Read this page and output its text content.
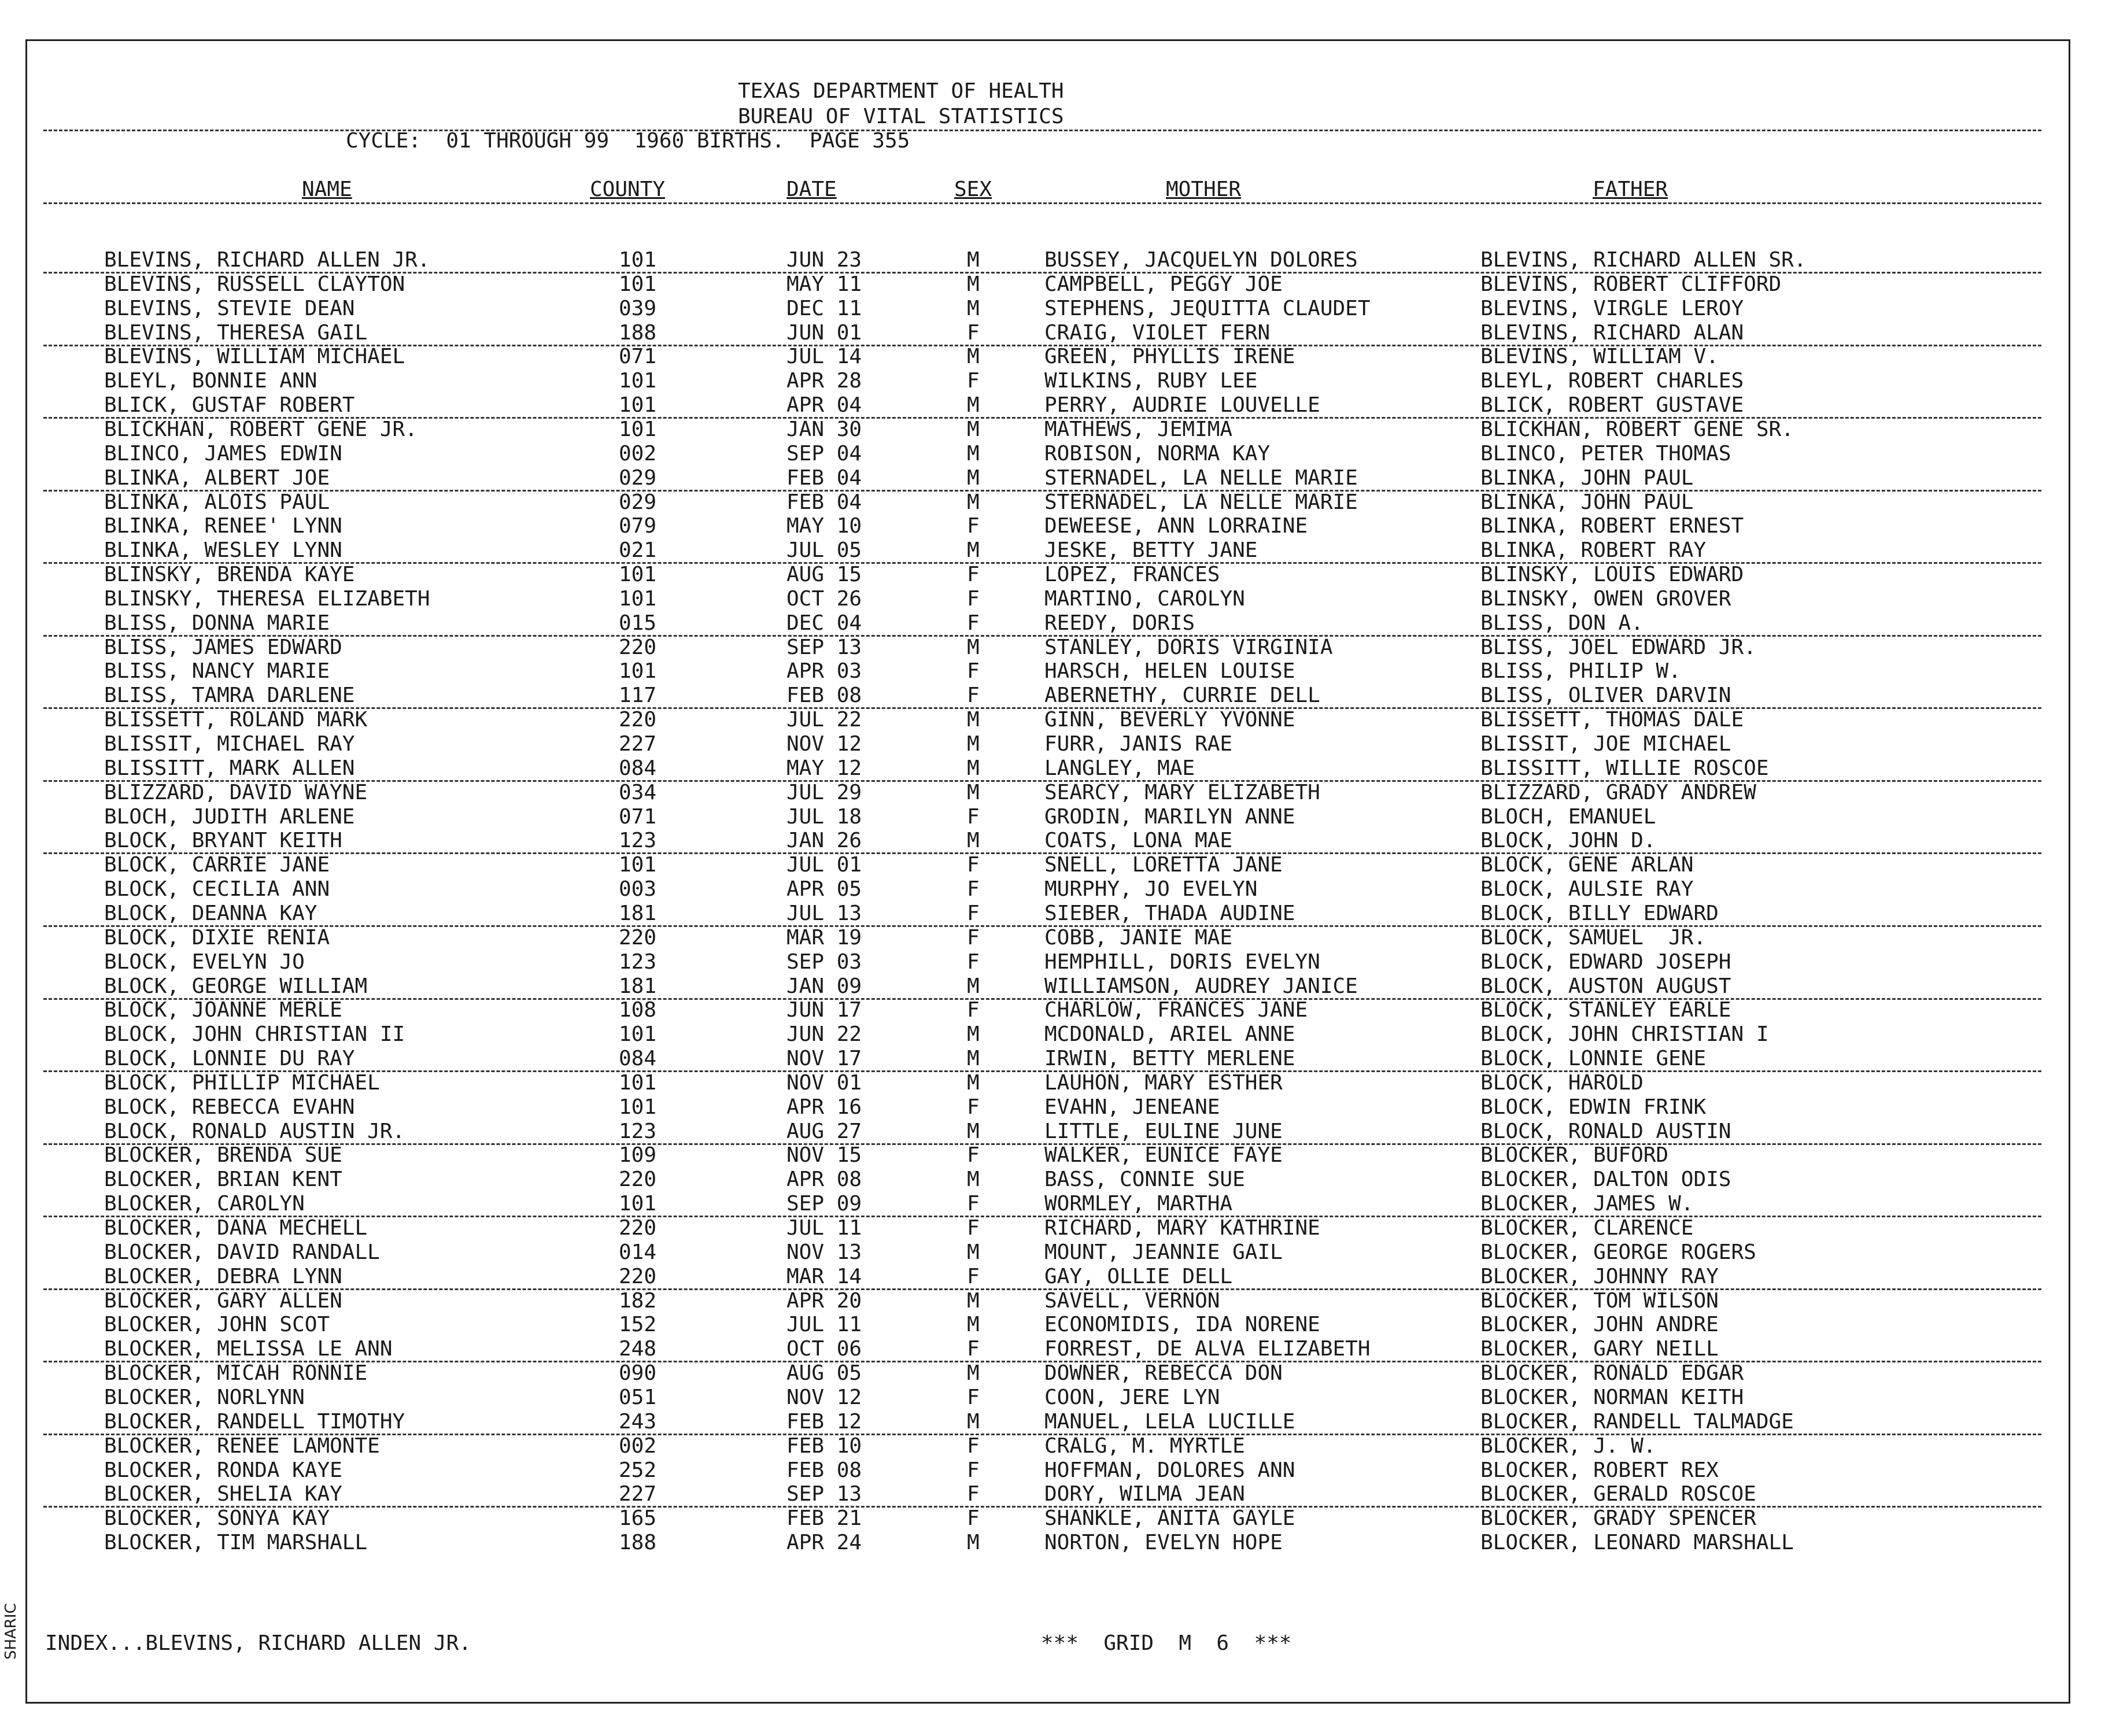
TEXAS DEPARTMENT OF HEALTH
BUREAU OF VITAL STATISTICS
CYCLE:  01 THROUGH 99  1960 BIRTHS.  PAGE 355
NAME	COUNTY	DATE	SEX	MOTHER	FATHER
BLEVINS, RICHARD ALLEN JR.	101	JUN 23	M	BUSSEY, JACQUELYN DOLORES	BLEVINS, RICHARD ALLEN SR.
BLEVINS, RUSSELL CLAYTON	101	MAY 11	M	CAMPBELL, PEGGY JOE	BLEVINS, ROBERT CLIFFORD
BLEVINS, STEVIE DEAN	039	DEC 11	M	STEPHENS, JEQUITTA CLAUDET	BLEVINS, VIRGLE LEROY
BLEVINS, THERESA GAIL	188	JUN 01	F	CRAIG, VIOLET FERN	BLEVINS, RICHARD ALAN
BLEVINS, WILLIAM MICHAEL	071	JUL 14	M	GREEN, PHYLLIS IRENE	BLEVINS, WILLIAM V.
BLEYL, BONNIE ANN	101	APR 28	F	WILKINS, RUBY LEE	BLEYL, ROBERT CHARLES
BLICK, GUSTAF ROBERT	101	APR 04	M	PERRY, AUDRIE LOUVELLE	BLICK, ROBERT GUSTAVE
BLICKHAN, ROBERT GENE JR.	101	JAN 30	M	MATHEWS, JEMIMA	BLICKHAN, ROBERT GENE SR.
BLINCO, JAMES EDWIN	002	SEP 04	M	ROBISON, NORMA KAY	BLINCO, PETER THOMAS
BLINKA, ALBERT JOE	029	FEB 04	M	STERNADEL, LA NELLE MARIE	BLINKA, JOHN PAUL
BLINKA, ALOIS PAUL	029	FEB 04	M	STERNADEL, LA NELLE MARIE	BLINKA, JOHN PAUL
BLINKA, RENEE' LYNN	079	MAY 10	F	DEWEESE, ANN LORRAINE	BLINKA, ROBERT ERNEST
BLINKA, WESLEY LYNN	021	JUL 05	M	JESKE, BETTY JANE	BLINKA, ROBERT RAY
BLINSKY, BRENDA KAYE	101	AUG 15	F	LOPEZ, FRANCES	BLINSKY, LOUIS EDWARD
BLINSKY, THERESA ELIZABETH	101	OCT 26	F	MARTINO, CAROLYN	BLINSKY, OWEN GROVER
BLISS, DONNA MARIE	015	DEC 04	F	REEDY, DORIS	BLISS, DON A.
BLISS, JAMES EDWARD	220	SEP 13	M	STANLEY, DORIS VIRGINIA	BLISS, JOEL EDWARD JR.
BLISS, NANCY MARIE	101	APR 03	F	HARSCH, HELEN LOUISE	BLISS, PHILIP W.
BLISS, TAMRA DARLENE	117	FEB 08	F	ABERNETHY, CURRIE DELL	BLISS, OLIVER DARVIN
BLISSETT, ROLAND MARK	220	JUL 22	M	GINN, BEVERLY YVONNE	BLISSETT, THOMAS DALE
BLISSIT, MICHAEL RAY	227	NOV 12	M	FURR, JANIS RAE	BLISSIT, JOE MICHAEL
BLISSITT, MARK ALLEN	084	MAY 12	M	LANGLEY, MAE	BLISSITT, WILLIE ROSCOE
BLIZZARD, DAVID WAYNE	034	JUL 29	M	SEARCY, MARY ELIZABETH	BLIZZARD, GRADY ANDREW
BLOCH, JUDITH ARLENE	071	JUL 18	F	GRODIN, MARILYN ANNE	BLOCH, EMANUEL
BLOCK, BRYANT KEITH	123	JAN 26	M	COATS, LONA MAE	BLOCK, JOHN D.
BLOCK, CARRIE JANE	101	JUL 01	F	SNELL, LORETTA JANE	BLOCK, GENE ARLAN
BLOCK, CECILIA ANN	003	APR 05	F	MURPHY, JO EVELYN	BLOCK, AULSIE RAY
BLOCK, DEANNA KAY	181	JUL 13	F	SIEBER, THADA AUDINE	BLOCK, BILLY EDWARD
BLOCK, DIXIE RENIA	220	MAR 19	F	COBB, JANIE MAE	BLOCK, SAMUEL  JR.
BLOCK, EVELYN JO	123	SEP 03	F	HEMPHILL, DORIS EVELYN	BLOCK, EDWARD JOSEPH
BLOCK, GEORGE WILLIAM	181	JAN 09	M	WILLIAMSON, AUDREY JANICE	BLOCK, AUSTON AUGUST
BLOCK, JOANNE MERLE	108	JUN 17	F	CHARLOW, FRANCES JANE	BLOCK, STANLEY EARLE
BLOCK, JOHN CHRISTIAN II	101	JUN 22	M	MCDONALD, ARIEL ANNE	BLOCK, JOHN CHRISTIAN I
BLOCK, LONNIE DU RAY	084	NOV 17	M	IRWIN, BETTY MERLENE	BLOCK, LONNIE GENE
BLOCK, PHILLIP MICHAEL	101	NOV 01	M	LAUHON, MARY ESTHER	BLOCK, HAROLD
BLOCK, REBECCA EVAHN	101	APR 16	F	EVAHN, JENEANE	BLOCK, EDWIN FRINK
BLOCK, RONALD AUSTIN JR.	123	AUG 27	M	LITTLE, EULINE JUNE	BLOCK, RONALD AUSTIN
BLOCKER, BRENDA SUE	109	NOV 15	F	WALKER, EUNICE FAYE	BLOCKER, BUFORD
BLOCKER, BRIAN KENT	220	APR 08	M	BASS, CONNIE SUE	BLOCKER, DALTON ODIS
BLOCKER, CAROLYN	101	SEP 09	F	WORMLEY, MARTHA	BLOCKER, JAMES W.
BLOCKER, DANA MECHELL	220	JUL 11	F	RICHARD, MARY KATHRINE	BLOCKER, CLARENCE
BLOCKER, DAVID RANDALL	014	NOV 13	M	MOUNT, JEANNIE GAIL	BLOCKER, GEORGE ROGERS
BLOCKER, DEBRA LYNN	220	MAR 14	F	GAY, OLLIE DELL	BLOCKER, JOHNNY RAY
BLOCKER, GARY ALLEN	182	APR 20	M	SAVELL, VERNON	BLOCKER, TOM WILSON
BLOCKER, JOHN SCOT	152	JUL 11	M	ECONOMIDIS, IDA NORENE	BLOCKER, JOHN ANDRE
BLOCKER, MELISSA LE ANN	248	OCT 06	F	FORREST, DE ALVA ELIZABETH	BLOCKER, GARY NEILL
BLOCKER, MICAH RONNIE	090	AUG 05	M	DOWNER, REBECCA DON	BLOCKER, RONALD EDGAR
BLOCKER, NORLYNN	051	NOV 12	F	COON, JERE LYN	BLOCKER, NORMAN KEITH
BLOCKER, RANDELL TIMOTHY	243	FEB 12	M	MANUEL, LELA LUCILLE	BLOCKER, RANDELL TALMADGE
BLOCKER, RENEE LAMONTE	002	FEB 10	F	CRALG, M. MYRTLE	BLOCKER, J. W.
BLOCKER, RONDA KAYE	252	FEB 08	F	HOFFMAN, DOLORES ANN	BLOCKER, ROBERT REX
BLOCKER, SHELIA KAY	227	SEP 13	F	DORY, WILMA JEAN	BLOCKER, GERALD ROSCOE
BLOCKER, SONYA KAY	165	FEB 21	F	SHANKLE, ANITA GAYLE	BLOCKER, GRADY SPENCER
BLOCKER, TIM MARSHALL	188	APR 24	M	NORTON, EVELYN HOPE	BLOCKER, LEONARD MARSHALL
INDEX...BLEVINS, RICHARD ALLEN JR.	***  GRID  M  6  ***
SHARIC
